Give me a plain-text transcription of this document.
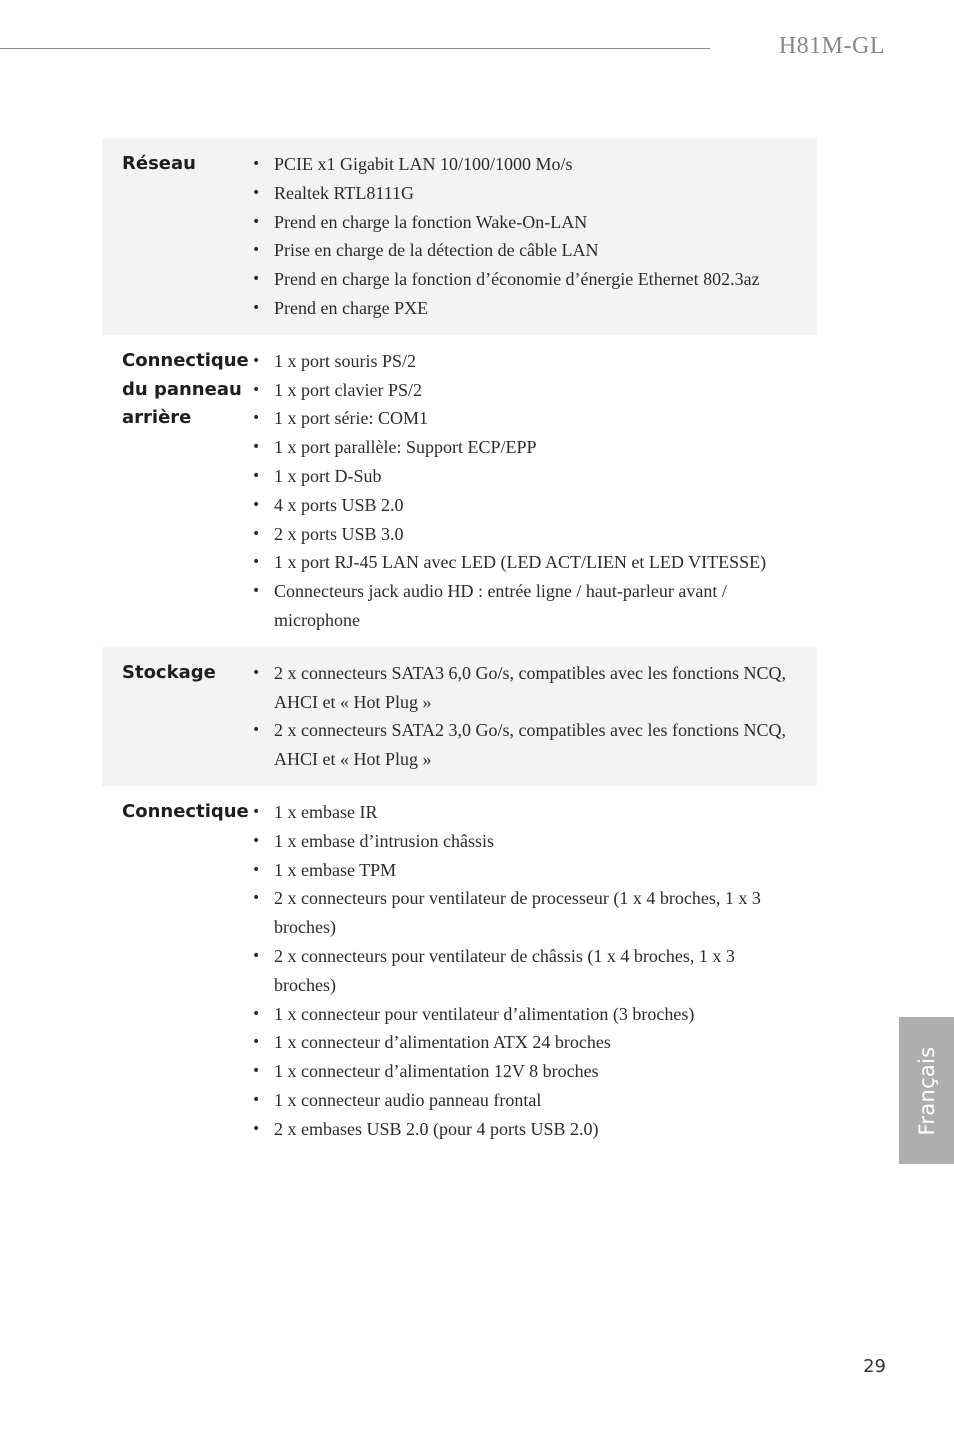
H81M-GL
Réseau	• PCIE x1 Gigabit LAN 10/100/1000 Mo/s
• Realtek RTL8111G
• Prend en charge la fonction Wake-On-LAN
• Prise en charge de la détection de câble LAN
• Prend en charge la fonction d’économie d’énergie Ethernet 802.3az
• Prend en charge PXE
Connectique du panneau arrière
• 1 x port souris PS/2
• 1 x port clavier PS/2
• 1 x port série: COM1
• 1 x port parallèle: Support ECP/EPP
• 1 x port D-Sub
• 4 x ports USB 2.0
• 2 x ports USB 3.0
• 1 x port RJ-45 LAN avec LED (LED ACT/LIEN et LED VITESSE)
• Connecteurs jack audio HD : entrée ligne / haut-parleur avant / microphone
Stockage	• 2 x connecteurs SATA3 6,0 Go/s, compatibles avec les fonctions NCQ, AHCI et « Hot Plug »
• 2 x connecteurs SATA2 3,0 Go/s, compatibles avec les fonctions NCQ, AHCI et « Hot Plug »
Connectique • 1 x embase IR
• 1 x embase d’intrusion châssis
• 1 x embase TPM
• 2 x connecteurs pour ventilateur de processeur (1 x 4 broches, 1 x 3 broches)
• 2 x connecteurs pour ventilateur de châssis (1 x 4 broches, 1 x 3 broches)
• 1 x connecteur pour ventilateur d’alimentation (3 broches)
• 1 x connecteur d’alimentation ATX 24 broches
• 1 x connecteur d’alimentation 12V 8 broches
• 1 x connecteur audio panneau frontal
• 2 x embases USB 2.0 (pour 4 ports USB 2.0)	Français
29
